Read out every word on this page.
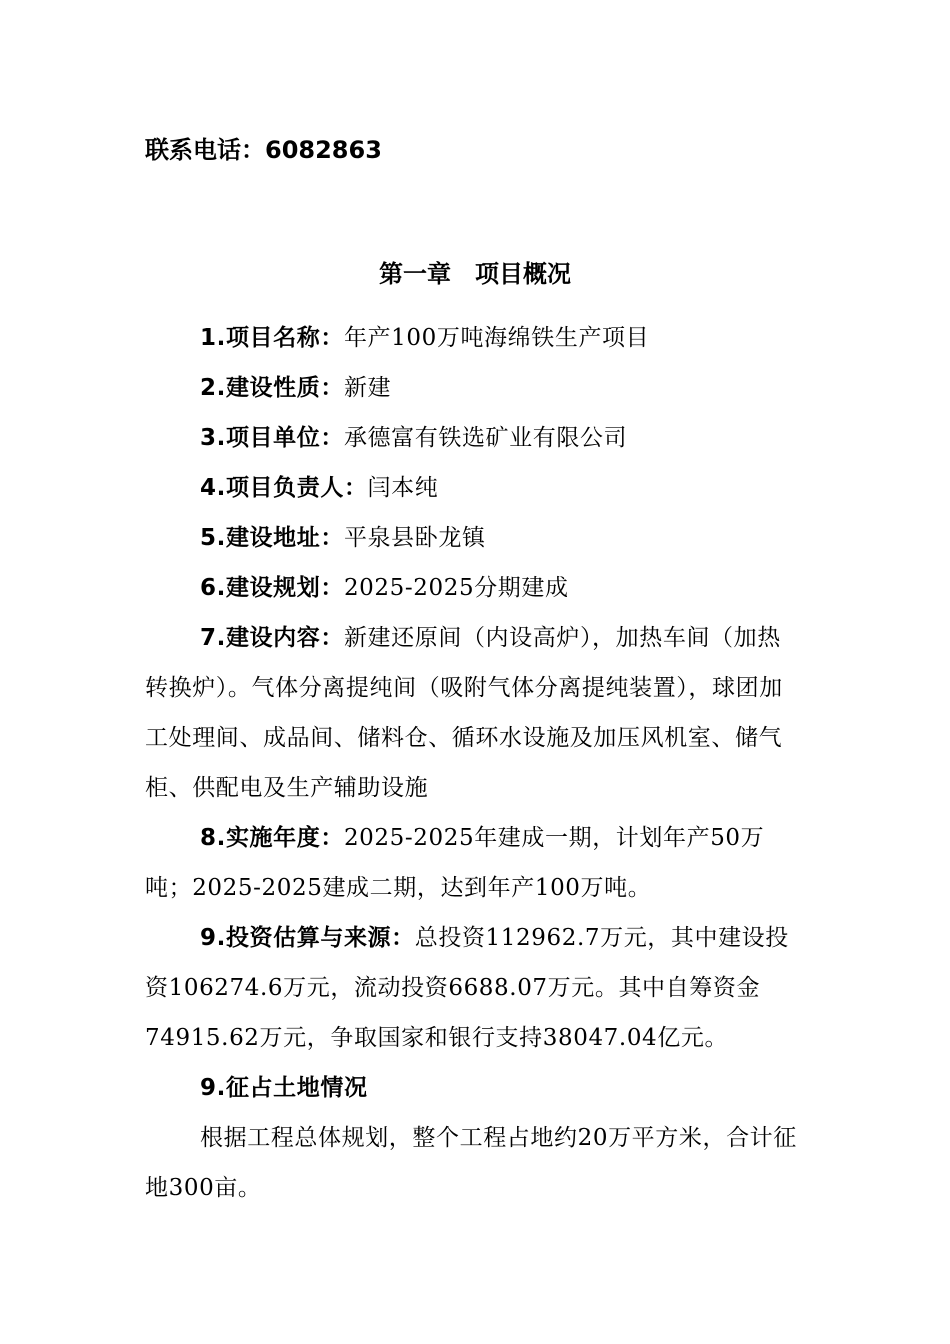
联系电话：6082863
第一章　项目概况

1.项目名称：年产100万吨海绵铁生产项目

2.建设性质：新建

3.项目单位：承德富有铁选矿业有限公司

4.项目负责人：闫本纯

5.建设地址：平泉县卧龙镇

6.建设规划：2025-2025分期建成

7.建设内容：新建还原间（内设高炉），加热车间（加热转换炉）。气体分离提纯间（吸附气体分离提纯装置），球团加工处理间、成品间、储料仓、循环水设施及加压风机室、储气柜、供配电及生产辅助设施

8.实施年度：2025-2025年建成一期，计划年产50万吨；2025-2025建成二期，达到年产100万吨。

9.投资估算与来源：总投资112962.7万元，其中建设投资106274.6万元，流动投资6688.07万元。其中自筹资金74915.62万元，争取国家和银行支持38047.04亿元。

9.征占土地情况

根据工程总体规划，整个工程占地约20万平方米，合计征地300亩。
